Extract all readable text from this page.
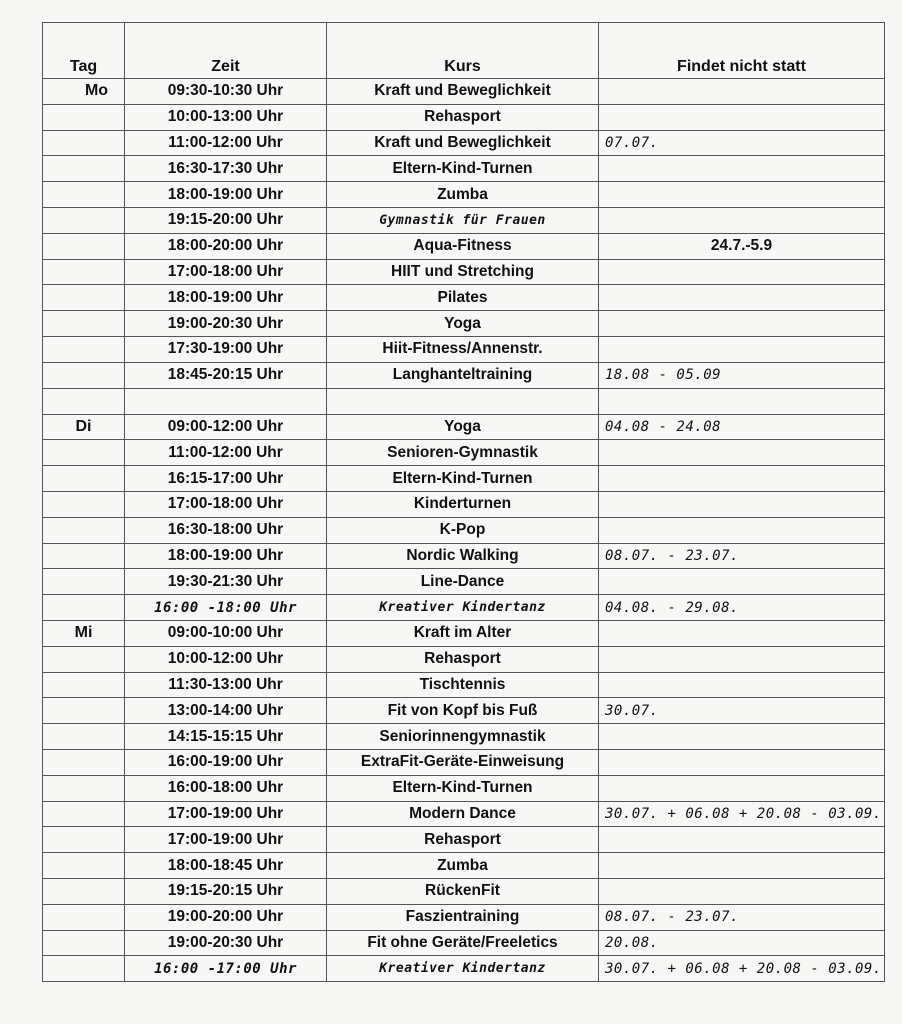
Tag	Zeit	Kurs	Findet nicht statt
Mo	09:30-10:30 Uhr	Kraft und Beweglichkeit	
	10:00-13:00 Uhr	Rehasport	
	11:00-12:00 Uhr	Kraft und Beweglichkeit	07.07.
	16:30-17:30 Uhr	Eltern-Kind-Turnen	
	18:00-19:00 Uhr	Zumba	
	19:15-20:00 Uhr	Gymnastik für Frauen	
	18:00-20:00 Uhr	Aqua-Fitness	24.7.-5.9
	17:00-18:00 Uhr	HIIT und Stretching	
	18:00-19:00 Uhr	Pilates	
	19:00-20:30 Uhr	Yoga	
	17:30-19:00 Uhr	Hiit-Fitness/Annenstr.	
	18:45-20:15 Uhr	Langhanteltraining	18.08 - 05.09

Di	09:00-12:00 Uhr	Yoga	04.08 - 24.08
	11:00-12:00 Uhr	Senioren-Gymnastik	
	16:15-17:00 Uhr	Eltern-Kind-Turnen	
	17:00-18:00 Uhr	Kinderturnen	
	16:30-18:00 Uhr	K-Pop	
	18:00-19:00 Uhr	Nordic Walking	08.07. - 23.07.
	19:30-21:30 Uhr	Line-Dance	
	16:00 -18:00 Uhr	Kreativer Kindertanz	04.08. - 29.08.
Mi	09:00-10:00 Uhr	Kraft im Alter	
	10:00-12:00 Uhr	Rehasport	
	11:30-13:00 Uhr	Tischtennis	
	13:00-14:00 Uhr	Fit von Kopf bis Fuß	30.07.
	14:15-15:15 Uhr	Seniorinnengymnastik	
	16:00-19:00 Uhr	ExtraFit-Geräte-Einweisung	
	16:00-18:00 Uhr	Eltern-Kind-Turnen	
	17:00-19:00 Uhr	Modern Dance	30.07. + 06.08 + 20.08 - 03.09.
	17:00-19:00 Uhr	Rehasport	
	18:00-18:45 Uhr	Zumba	
	19:15-20:15 Uhr	RückenFit	
	19:00-20:00 Uhr	Faszientraining	08.07. - 23.07.
	19:00-20:30 Uhr	Fit ohne Geräte/Freeletics	20.08.
	16:00 -17:00 Uhr	Kreativer Kindertanz	30.07. + 06.08 + 20.08 - 03.09.
